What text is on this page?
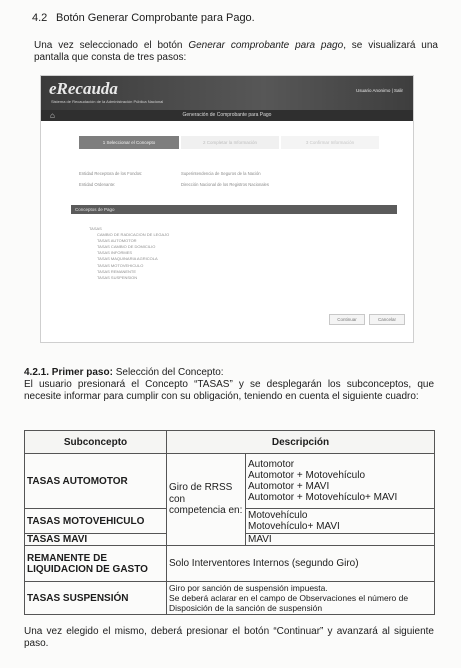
4.2 Botón Generar Comprobante para Pago.
Una vez seleccionado el botón Generar comprobante para pago, se visualizará una pantalla que consta de tres pasos:
eRecauda
Sistema de Recaudación de la Administración Pública Nacional
Usuario Anonimo | Salir
⌂	Generación de Comprobante para Pago
1 Seleccionar el Concepto	2 Completar la Información	3 Confirmar Información
Entidad Receptora de los Fondos:	Superintendencia de Seguros de la Nación
Entidad Ordenante:	Dirección Nacional de los Registros Nacionales
Conceptos de Pago
TASAS
CAMBIO DE RADICACION DE LEGAJO
TASAS AUTOMOTOR
TASAS CAMBIO DE DOMICILIO
TASAS INFORMES
TASAS MAQUINARIA AGRICOLA
TASAS MOTOVEHICULO
TASAS REMANENTE
TASAS SUSPENSION
Continuar	Cancelar
4.2.1. Primer paso: Selección del Concepto:
El usuario presionará el Concepto “TASAS” y se desplegarán los subconceptos, que necesite informar para cumplir con su obligación, teniendo en cuenta el siguiente cuadro:
Subconcepto	Descripción	
TASAS AUTOMOTOR	Giro de RRSS con competencia en:	Automotor
Automotor + Motovehículo
Automotor + MAVI
Automotor + Motovehículo+ MAVI

TASAS MOTOVEHICULO		Motovehículo
Motovehículo+ MAVI

TASAS MAVI		MAVI
REMANENTE DE LIQUIDACION DE GASTO	Solo Interventores Internos (segundo Giro)	
TASAS SUSPENSIÓN	Giro por sanción de suspensión impuesta.
Se deberá aclarar en el campo de Observaciones el número de Disposición de la sanción de suspensión	
Una vez elegido el mismo, deberá presionar el botón “Continuar” y avanzará al siguiente paso.
